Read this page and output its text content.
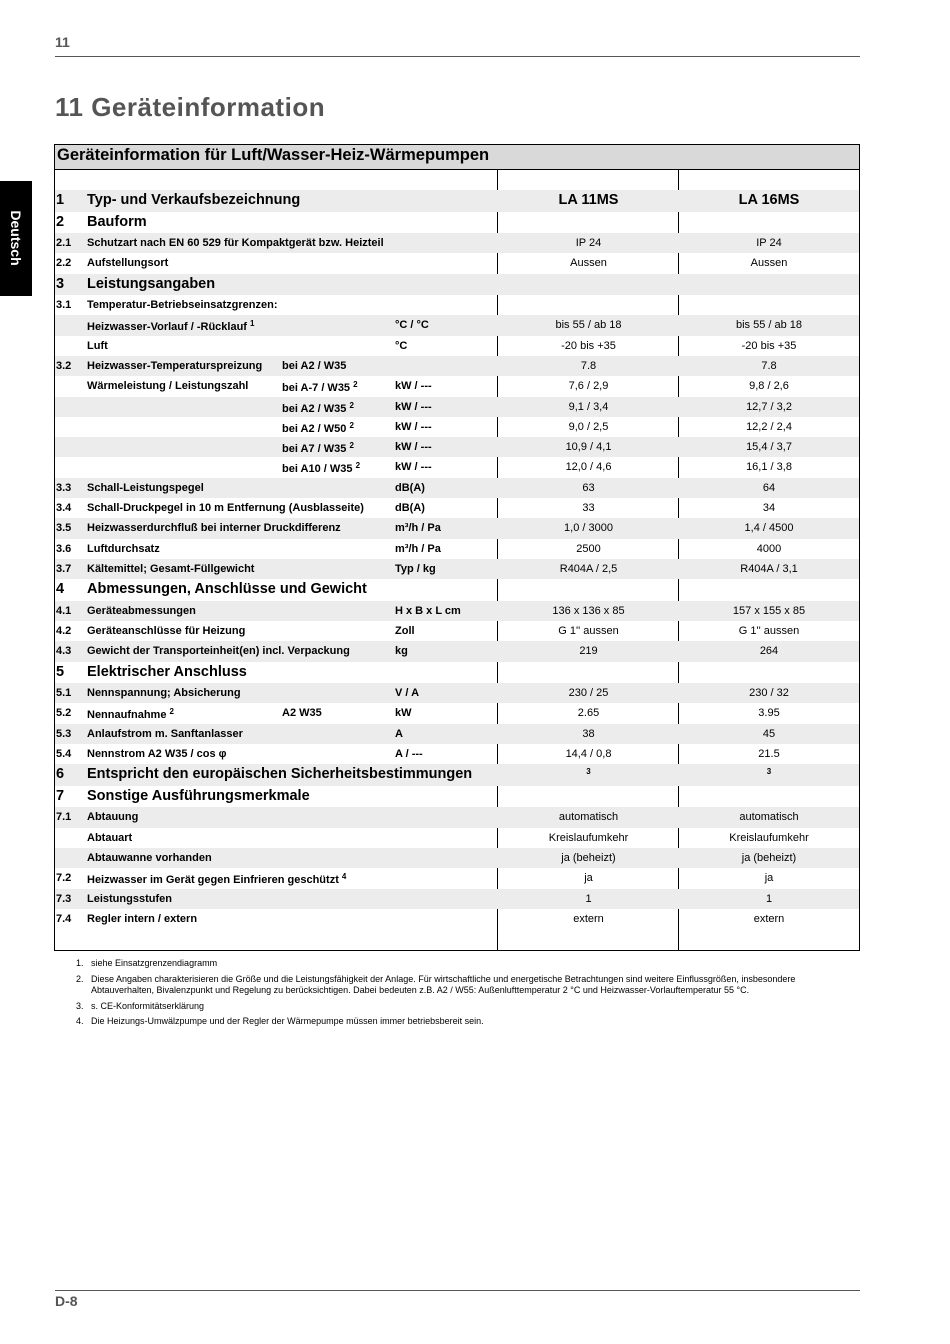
11
11 Geräteinformation
Deutsch
Geräteinformation für Luft/Wasser-Heiz-Wärmepumpen
1 Typ- und Verkaufsbezeichnung	LA 11MS	LA 16MS
2 Bauform
2.1 Schutzart nach EN 60 529 für Kompaktgerät bzw. Heizteil	IP 24	IP 24
2.2 Aufstellungsort	Aussen	Aussen
3 Leistungsangaben
3.1 Temperatur-Betriebseinsatzgrenzen:
Heizwasser-Vorlauf / -Rücklauf $^1$	°C / °C	bis 55 / ab 18	bis 55 / ab 18
Luft	°C	-20 bis +35	-20 bis +35
3.2 Heizwasser-Temperaturspreizung bei A2 / W35	7.8	7.8
Wärmeleistung / Leistungszahl	bei A-7 / W35 $^2$	kW / ---	7,6 / 2,9	9,8 / 2,6
bei A2 / W35 $^2$	kW / ---	9,1 / 3,4	12,7 / 3,2
bei A2 / W50 $^2$	kW / ---	9,0 / 2,5	12,2 / 2,4
bei A7 / W35 $^2$	kW / ---	10,9 / 4,1	15,4 / 3,7
bei A10 / W35 $^2$	kW / ---	12,0 / 4,6	16,1 / 3,8
3.3 Schall-Leistungspegel	dB(A)	63	64
3.4 Schall-Druckpegel in 10 m Entfernung (Ausblasseite)	dB(A)	33	34
3.5 Heizwasserdurchfluß bei interner Druckdifferenz	m³/h / Pa	1,0 / 3000	1,4 / 4500
3.6 Luftdurchsatz	m³/h / Pa	2500	4000
3.7 Kältemittel; Gesamt-Füllgewicht	Typ / kg	R404A / 2,5	R404A / 3,1
4 Abmessungen, Anschlüsse und Gewicht
4.1 Geräteabmessungen	H x B x L cm	136 x 136 x 85	157 x 155 x 85
4.2 Geräteanschlüsse für Heizung	Zoll	G 1'' aussen	G 1'' aussen
4.3 Gewicht der Transporteinheit(en) incl. Verpackung	kg	219	264
5 Elektrischer Anschluss
5.1 Nennspannung; Absicherung	V / A	230 / 25	230 / 32
5.2 Nennaufnahme $^2$	A2 W35	kW	2.65	3.95
5.3 Anlaufstrom m. Sanftanlasser	A	38	45
5.4 Nennstrom A2 W35 / cos φ	A / ---	14,4 / 0,8	21.5
6 Entspricht den europäischen Sicherheitsbestimmungen	3	3
7 Sonstige Ausführungsmerkmale
7.1 Abtauung	automatisch	automatisch
Abtauart	Kreislaufumkehr	Kreislaufumkehr
Abtauwanne vorhanden	ja (beheizt)	ja (beheizt)
7.2 Heizwasser im Gerät gegen Einfrieren geschützt $^4$	ja	ja
7.3 Leistungsstufen	1	1
7.4 Regler intern / extern	extern	extern
1. siehe Einsatzgrenzendiagramm
2. Diese Angaben charakterisieren die Größe und die Leistungsfähigkeit der Anlage. Für wirtschaftliche und energetische Betrachtungen sind weitere Einflussgrößen, insbesondere Abtauverhalten, Bivalenzpunkt und Regelung zu berücksichtigen. Dabei bedeuten z.B. A2 / W55: Außenlufttemperatur 2 °C und Heizwasser-Vorlauftemperatur 55 °C.
3. s. CE-Konformitätserklärung
4. Die Heizungs-Umwälzpumpe und der Regler der Wärmepumpe müssen immer betriebsbereit sein.
D-8
